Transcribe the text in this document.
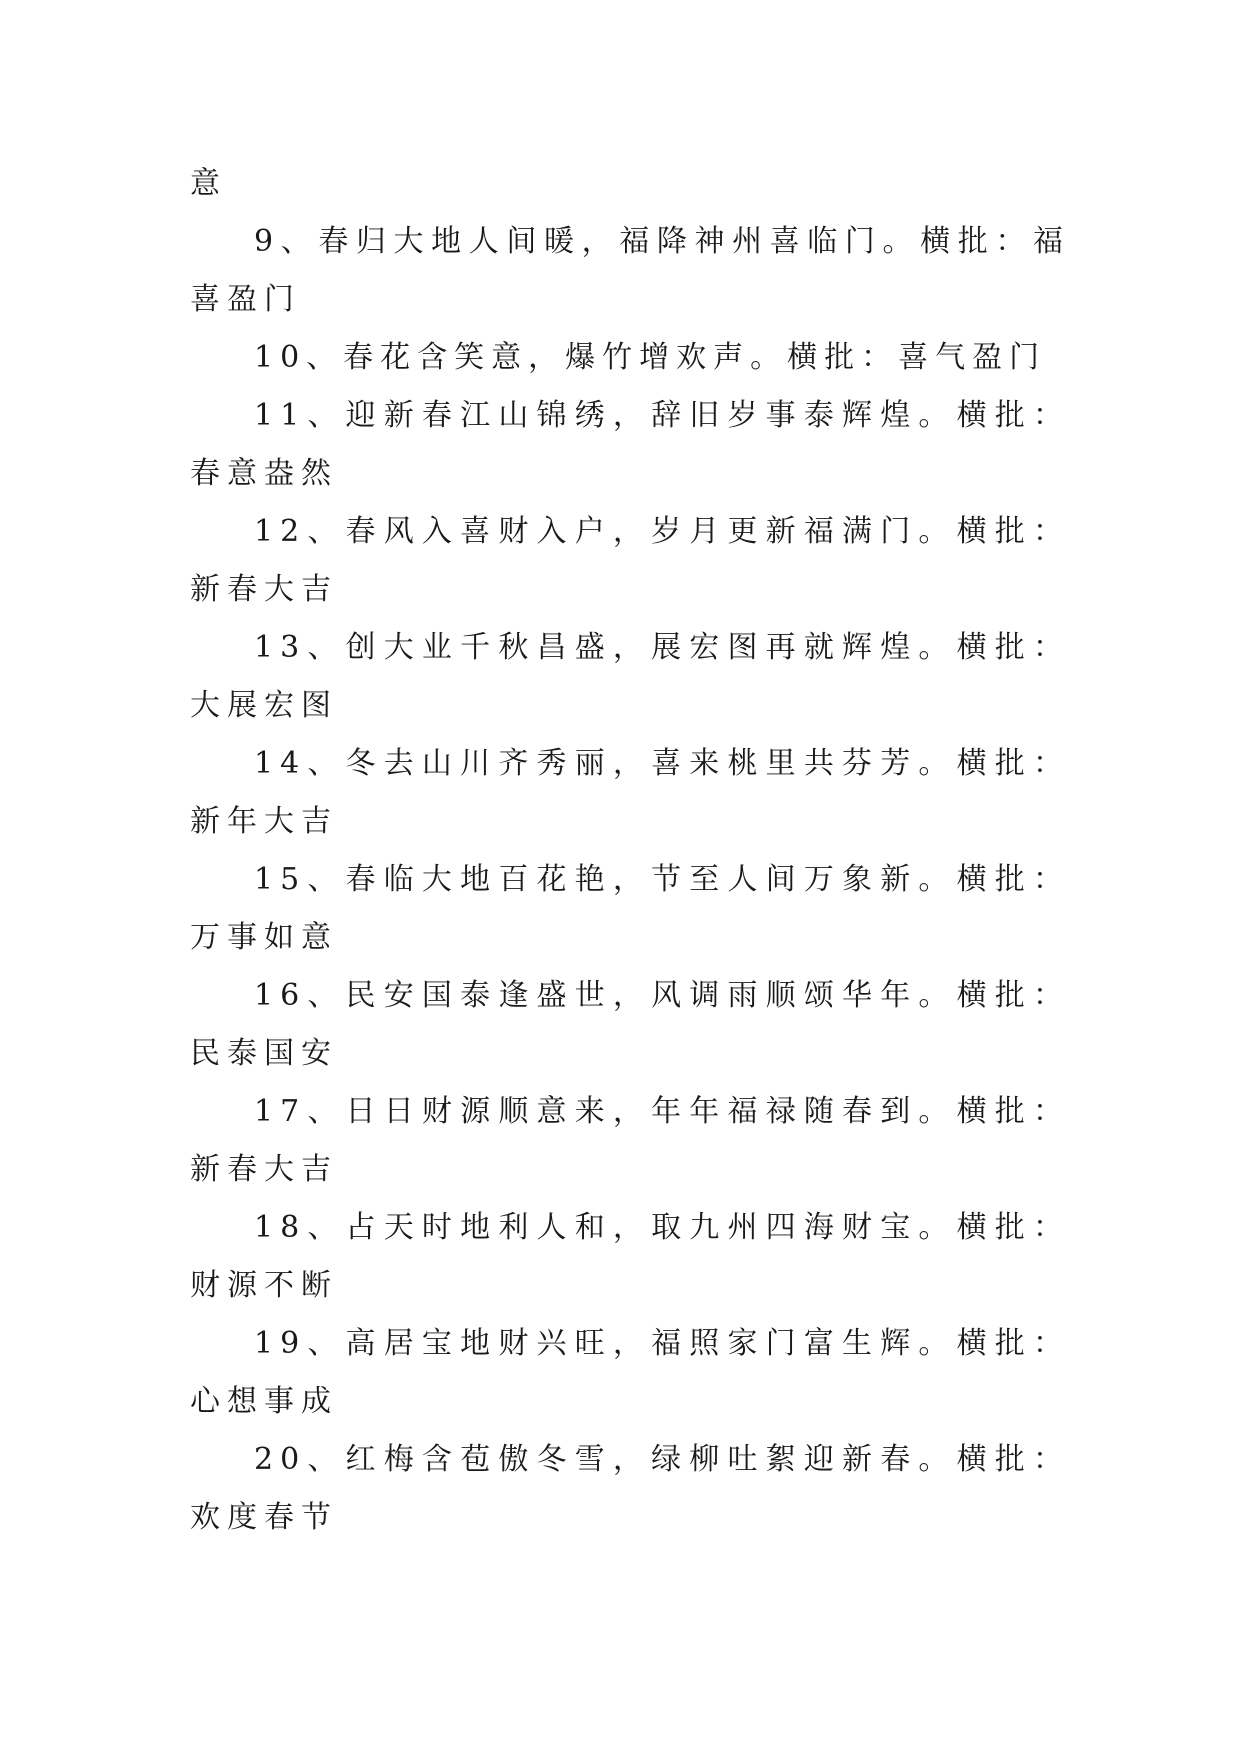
意

9、春归大地人间暖，福降神州喜临门。横批：福喜盈门

10、春花含笑意，爆竹增欢声。横批：喜气盈门

11、迎新春江山锦绣，辞旧岁事泰辉煌。横批：春意盎然

12、春风入喜财入户，岁月更新福满门。横批：新春大吉

13、创大业千秋昌盛，展宏图再就辉煌。横批：大展宏图

14、冬去山川齐秀丽，喜来桃里共芬芳。横批：新年大吉

15、春临大地百花艳，节至人间万象新。横批：万事如意

16、民安国泰逢盛世，风调雨顺颂华年。横批：民泰国安

17、日日财源顺意来，年年福禄随春到。横批：新春大吉

18、占天时地利人和，取九州四海财宝。横批：财源不断

19、高居宝地财兴旺，福照家门富生辉。横批：心想事成

20、红梅含苞傲冬雪，绿柳吐絮迎新春。横批：欢度春节
